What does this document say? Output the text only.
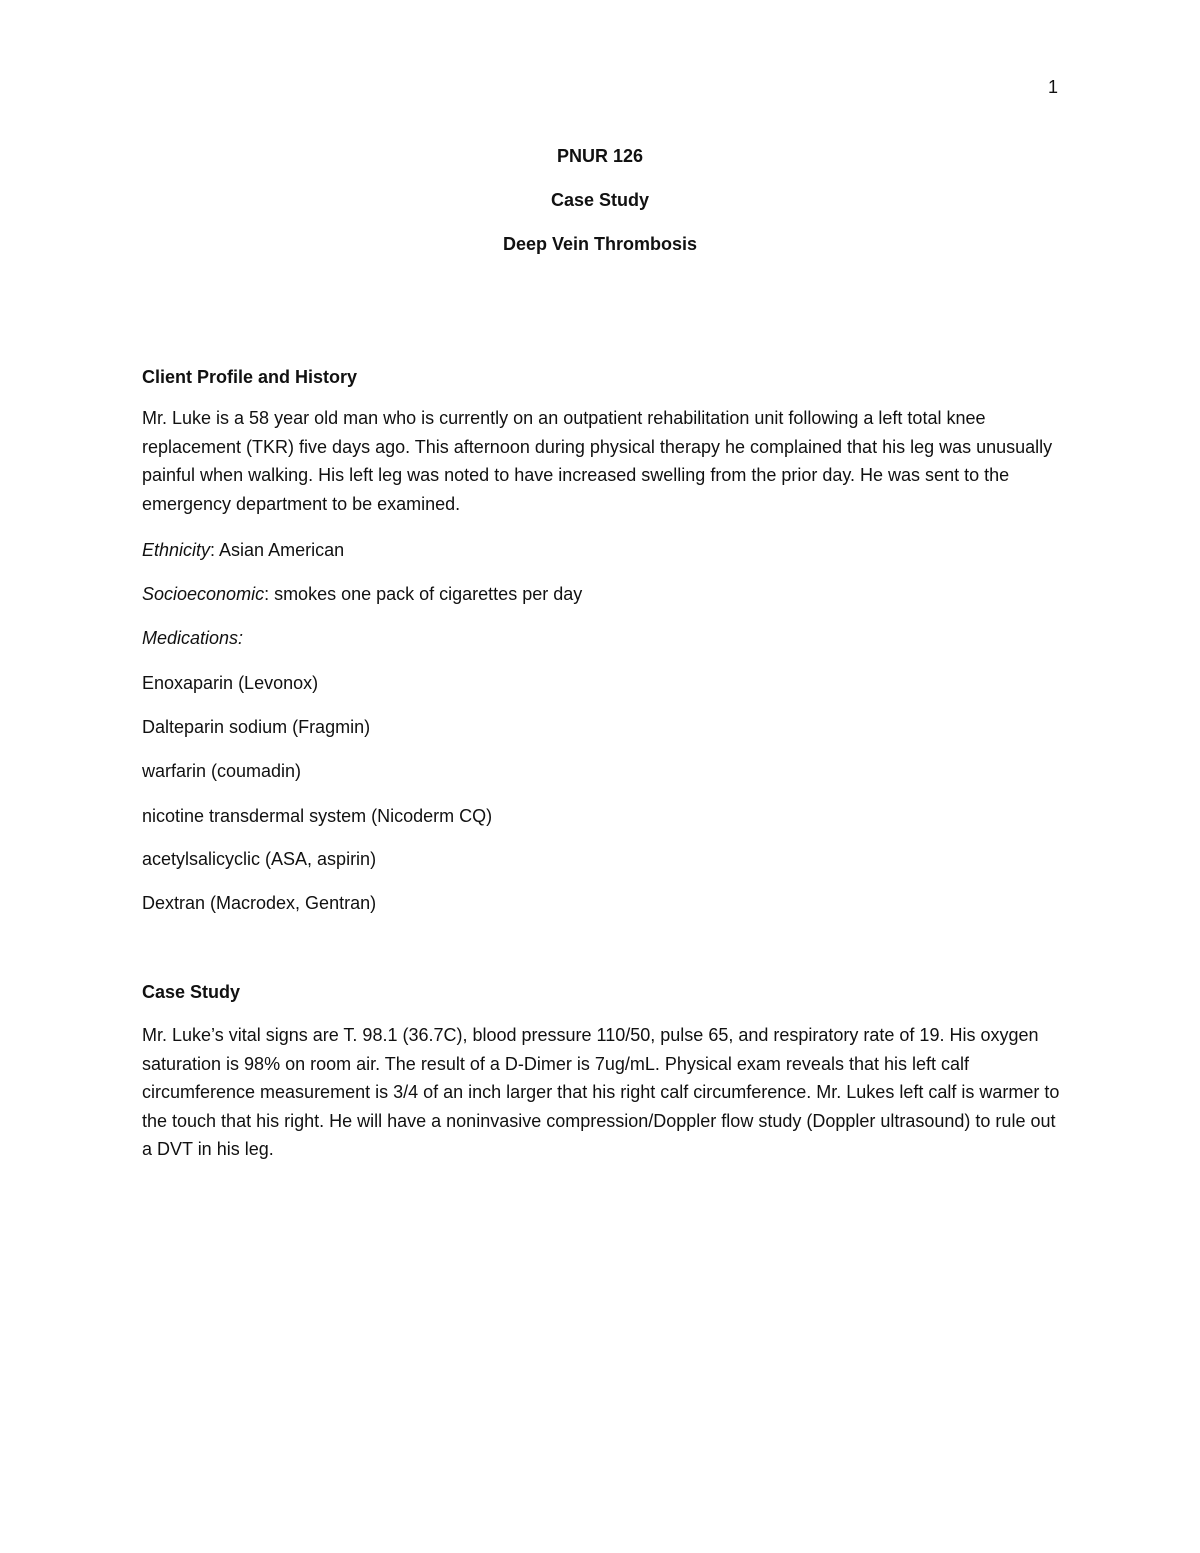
1

PNUR 126

Case Study

Deep Vein Thrombosis

Client Profile and History

Mr. Luke is a 58 year old man who is currently on an outpatient rehabilitation unit following a left total knee replacement (TKR) five days ago. This afternoon during physical therapy he complained that his leg was unusually painful when walking. His left leg was noted to have increased swelling from the prior day. He was sent to the emergency department to be examined.

Ethnicity: Asian American

Socioeconomic: smokes one pack of cigarettes per day

Medications:

Enoxaparin (Levonox)

Dalteparin sodium (Fragmin)

warfarin (coumadin)

nicotine transdermal system (Nicoderm CQ)

acetylsalicyclic (ASA, aspirin)

Dextran (Macrodex, Gentran)

Case Study

Mr. Luke’s vital signs are T. 98.1 (36.7C), blood pressure 110/50, pulse 65, and respiratory rate of 19. His oxygen saturation is 98% on room air. The result of a D-Dimer is 7ug/mL. Physical exam reveals that his left calf circumference measurement is 3/4 of an inch larger that his right calf circumference. Mr. Lukes left calf is warmer to the touch that his right. He will have a noninvasive compression/Doppler flow study (Doppler ultrasound) to rule out a DVT in his leg.
